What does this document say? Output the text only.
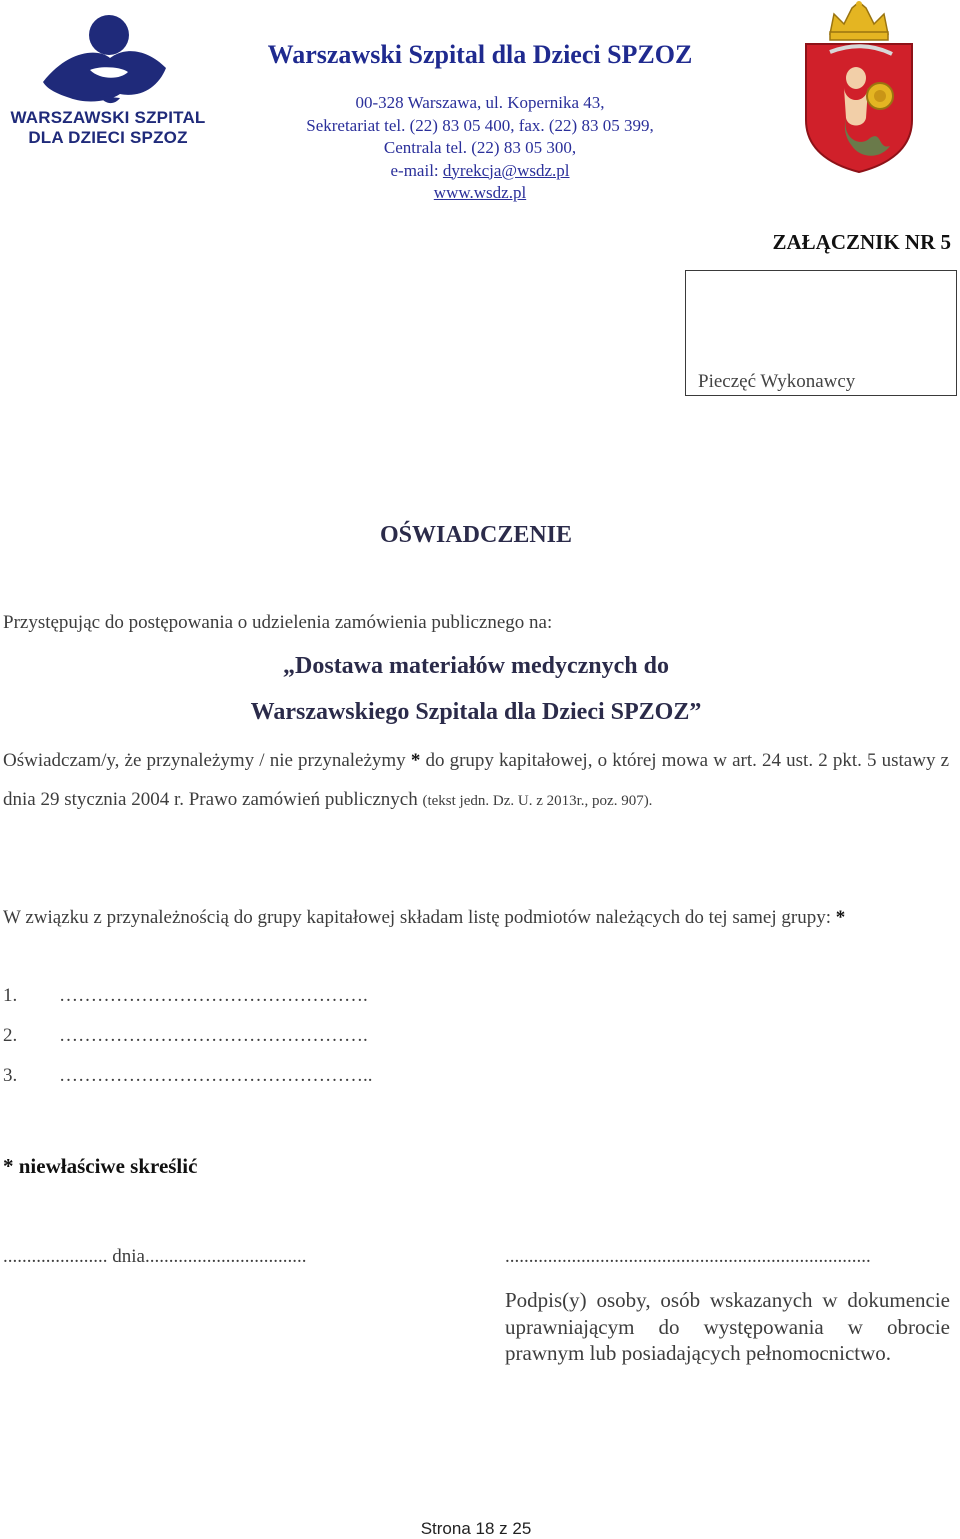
WARSZAWSKI SZPITAL
DLA DZIECI SPZOZ
Warszawski Szpital dla Dzieci SPZOZ
00-328 Warszawa, ul. Kopernika 43,
Sekretariat tel. (22) 83 05 400, fax. (22) 83 05 399,
Centrala tel. (22) 83 05 300,
e-mail: dyrekcja@wsdz.pl
www.wsdz.pl
ZAŁĄCZNIK NR 5
Pieczęć Wykonawcy
OŚWIADCZENIE
Przystępując do postępowania o udzielenia zamówienia publicznego na:
„Dostawa materiałów medycznych do
Warszawskiego Szpitala dla Dzieci SPZOZ”
Oświadczam/y, że przynależymy / nie przynależymy * do grupy kapitałowej, o której mowa w art. 24 ust. 2 pkt. 5 ustawy z dnia 29 stycznia 2004 r. Prawo zamówień publicznych (tekst jedn. Dz. U. z 2013r., poz. 907).
W związku z przynależnością do grupy kapitałowej składam listę podmiotów należących do tej samej grupy: *
1. ………………………………………….
2. ………………………………………….
3. …………………………………………..
* niewłaściwe skreślić
...................... dnia..................................	.............................................................................
Podpis(y) osoby, osób wskazanych w dokumencie uprawniającym do występowania w obrocie prawnym lub posiadających pełnomocnictwo.
Strona 18 z 25
